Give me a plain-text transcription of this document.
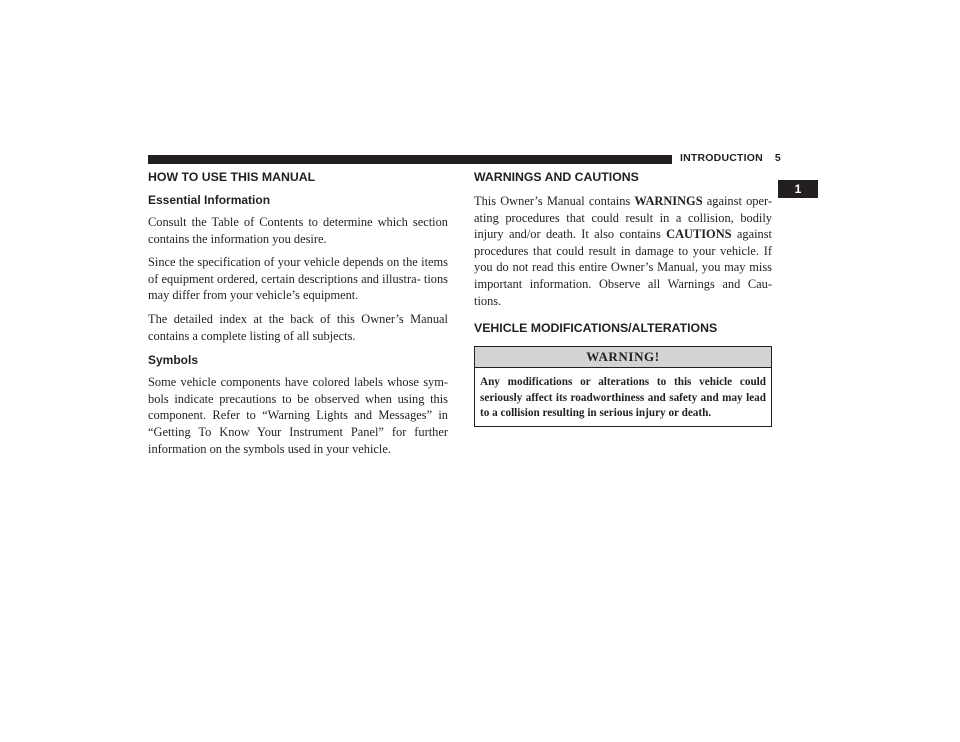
INTRODUCTION 5
1
HOW TO USE THIS MANUAL
Essential Information

Consult the Table of Contents to determine which section contains the information you desire.

Since the specification of your vehicle depends on the items of equipment ordered, certain descriptions and illustra- tions may differ from your vehicle’s equipment.

The detailed index at the back of this Owner’s Manual contains a complete listing of all subjects.

Symbols

Some vehicle components have colored labels whose sym- bols indicate precautions to be observed when using this component. Refer to “Warning Lights and Messages” in “Getting To Know Your Instrument Panel” for further information on the symbols used in your vehicle.

WARNINGS AND CAUTIONS

This Owner’s Manual contains WARNINGS against oper- ating procedures that could result in a collision, bodily injury and/or death. It also contains CAUTIONS against procedures that could result in damage to your vehicle. If you do not read this entire Owner’s Manual, you may miss important information. Observe all Warnings and Cau- tions.

VEHICLE MODIFICATIONS/ALTERATIONS
WARNING!
Any modifications or alterations to this vehicle could seriously affect its roadworthiness and safety and may lead to a collision resulting in serious injury or death.
